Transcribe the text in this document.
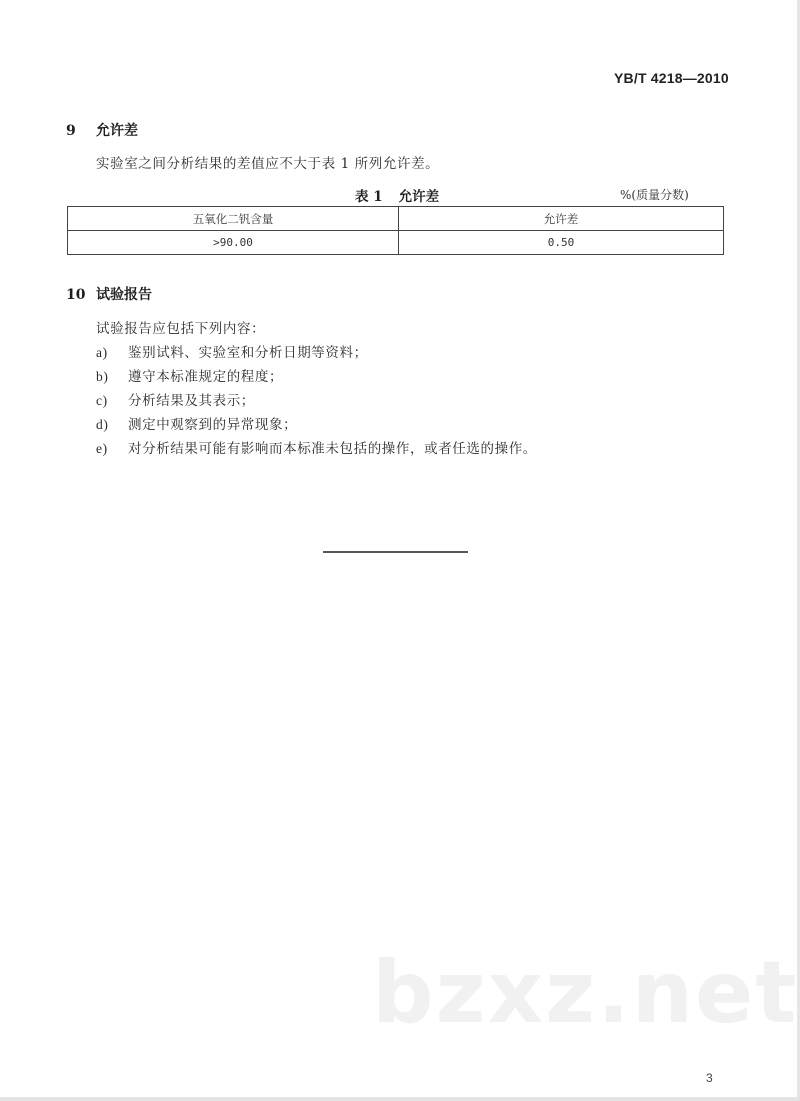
YB/T 4218—2010
9 允许差
实验室之间分析结果的差值应不大于表 1 所列允许差。
表 1 允许差	%(质量分数)
五氧化二钒含量	允许差
>90.00	0.50
10 试验报告
试验报告应包括下列内容：
a) 鉴别试料、实验室和分析日期等资料；
b) 遵守本标准规定的程度；
c) 分析结果及其表示；
d) 测定中观察到的异常现象；
e) 对分析结果可能有影响而本标准未包括的操作，或者任选的操作。
bzxz.net
3
